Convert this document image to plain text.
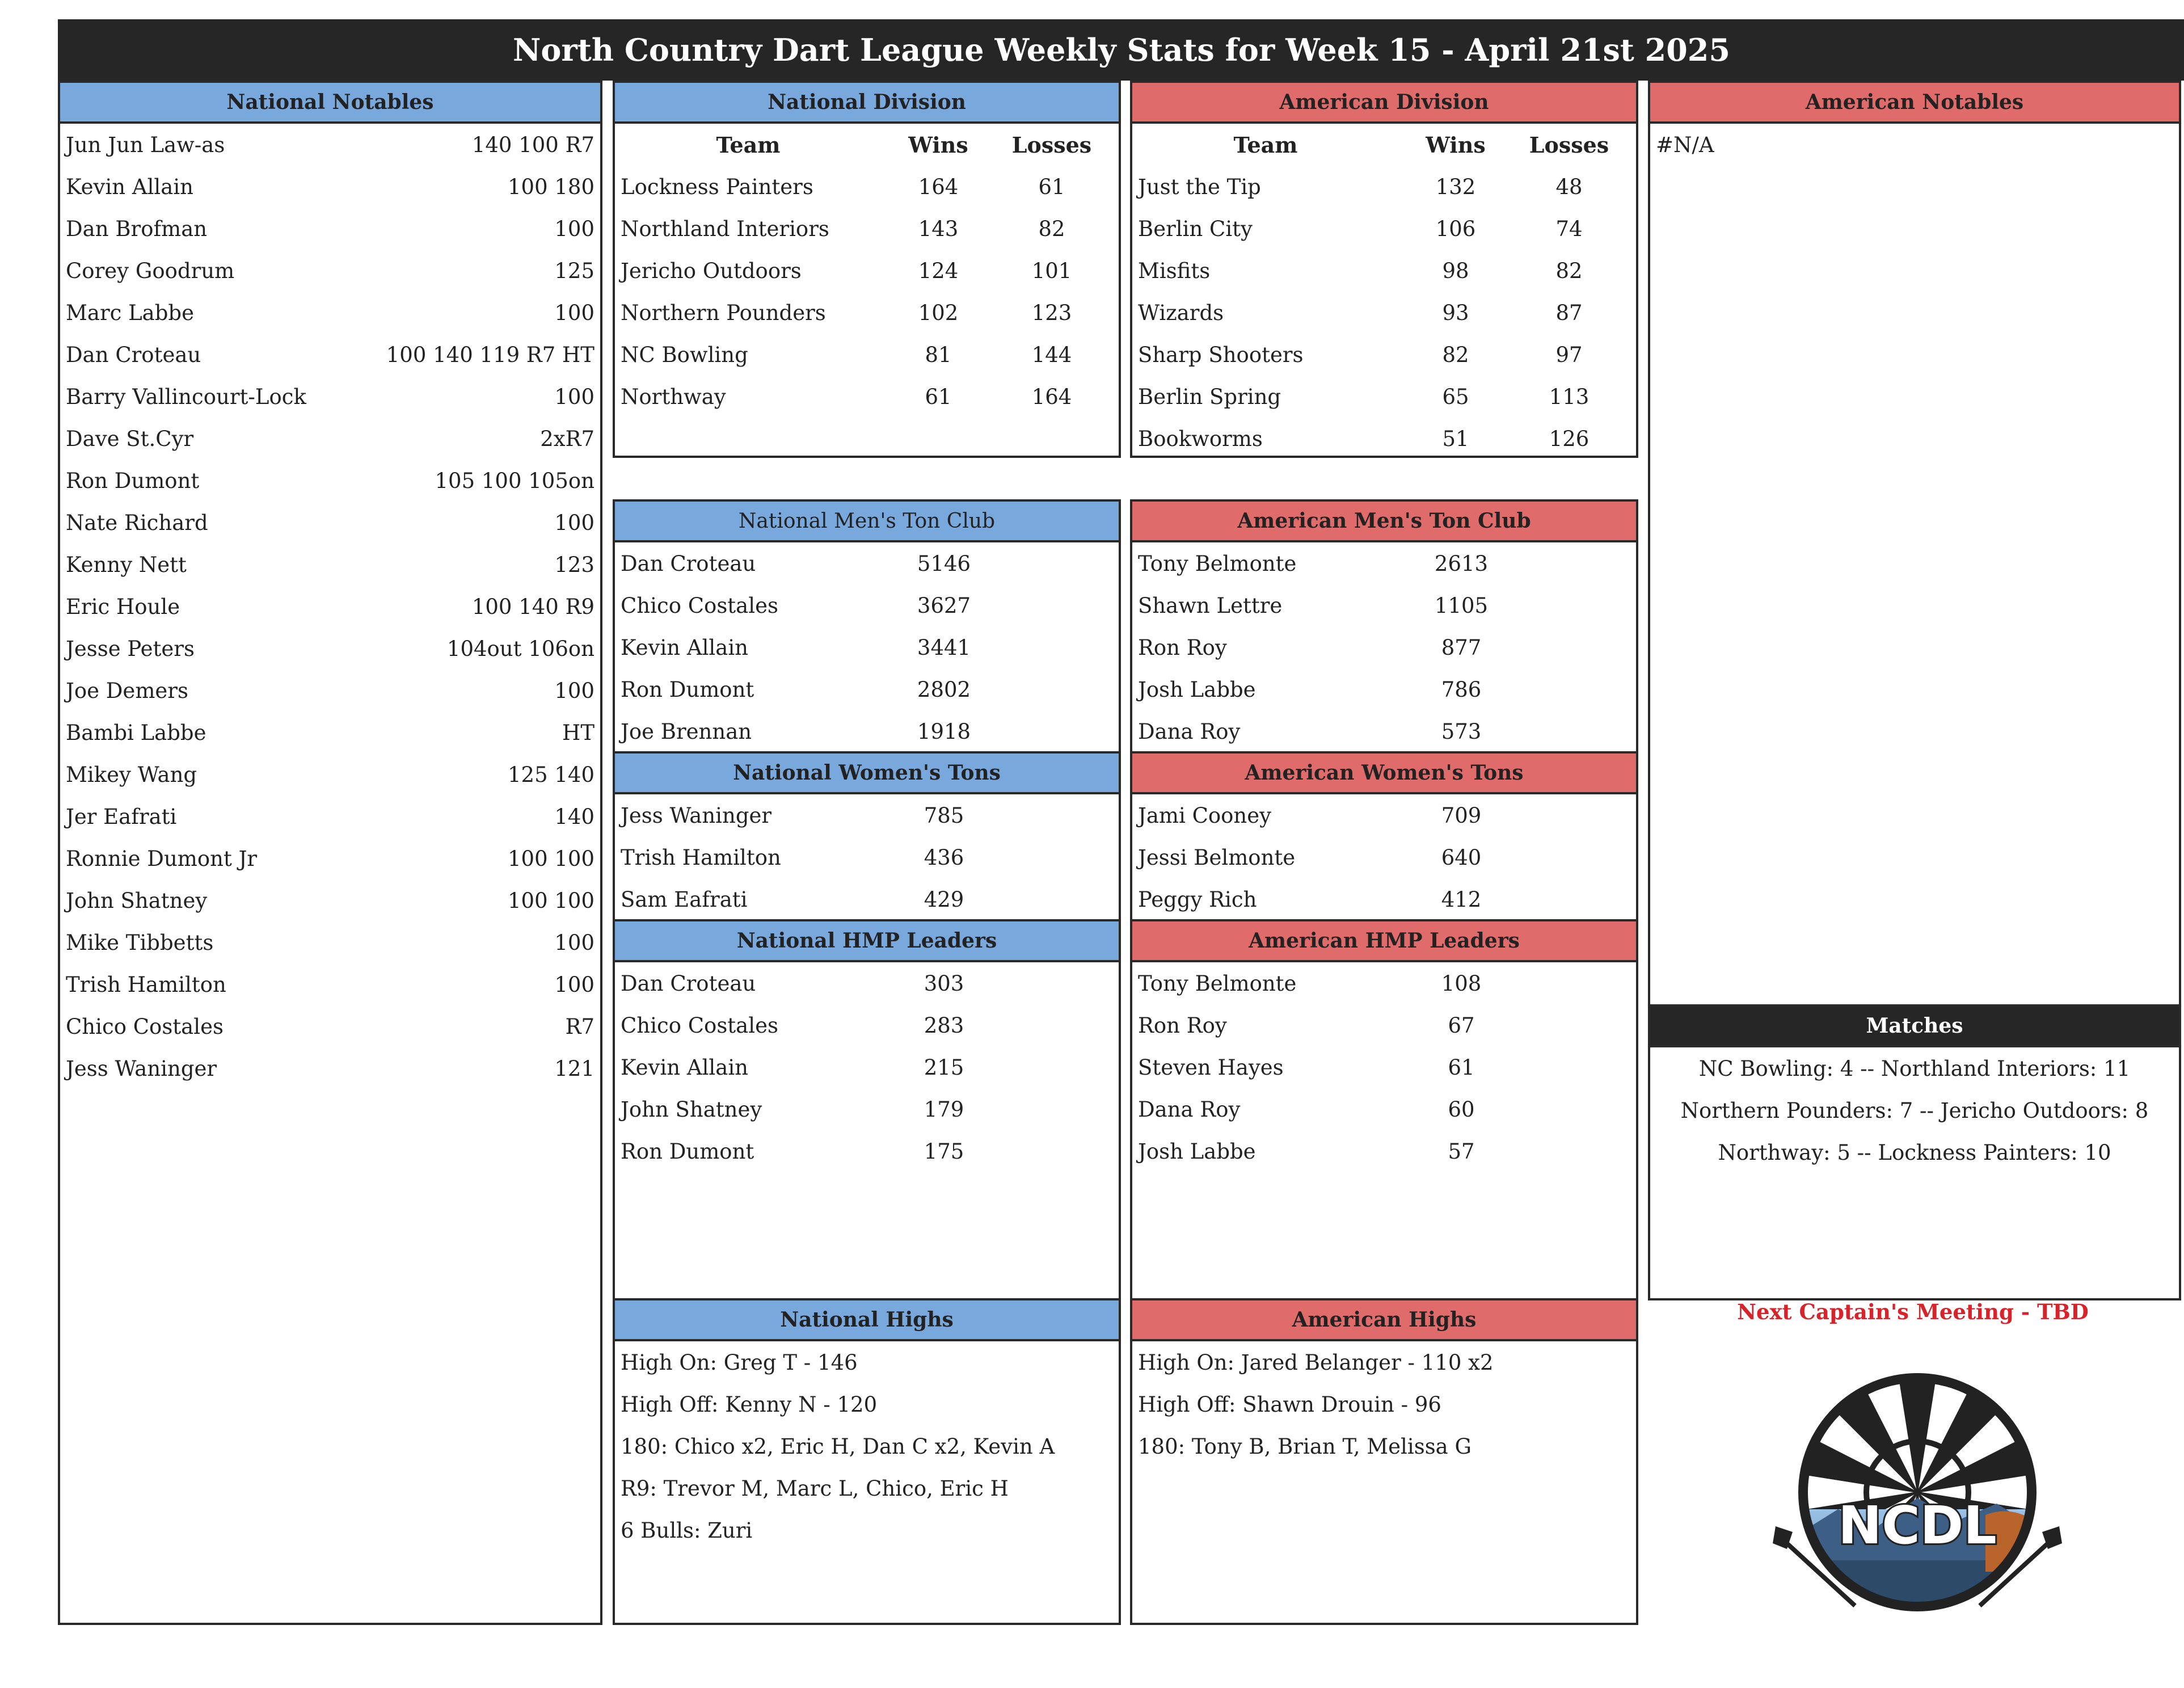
North Country Dart League Weekly Stats for Week 15 - April 21st 2025
National Notables
Jun Jun Law-as	140 100 R7
Kevin Allain	100 180
Dan Brofman	100
Corey Goodrum	125
Marc Labbe	100
Dan Croteau	100 140 119 R7 HT
Barry Vallincourt-Lock	100
Dave St.Cyr	2xR7
Ron Dumont	105 100 105on
Nate Richard	100
Kenny Nett	123
Eric Houle	100 140 R9
Jesse Peters	104out 106on
Joe Demers	100
Bambi Labbe	HT
Mikey Wang	125 140
Jer Eafrati	140
Ronnie Dumont Jr	100 100
John Shatney	100 100
Mike Tibbetts	100
Trish Hamilton	100
Chico Costales	R7
Jess Waninger	121
National Division
Team	Wins	Losses
Lockness Painters	164	61
Northland Interiors	143	82
Jericho Outdoors	124	101
Northern Pounders	102	123
NC Bowling	81	144
Northway	61	164
American Division
Team	Wins	Losses
Just the Tip	132	48
Berlin City	106	74
Misfits	98	82
Wizards	93	87
Sharp Shooters	82	97
Berlin Spring	65	113
Bookworms	51	126
American Notables
#N/A
National Men's Ton Club
Dan Croteau	5146
Chico Costales	3627
Kevin Allain	3441
Ron Dumont	2802
Joe Brennan	1918
American Men's Ton Club
Tony Belmonte	2613
Shawn Lettre	1105
Ron Roy	877
Josh Labbe	786
Dana Roy	573
National Women's Tons
Jess Waninger	785
Trish Hamilton	436
Sam Eafrati	429
American Women's Tons
Jami Cooney	709
Jessi Belmonte	640
Peggy Rich	412
National HMP Leaders
Dan Croteau	303
Chico Costales	283
Kevin Allain	215
John Shatney	179
Ron Dumont	175
American HMP Leaders
Tony Belmonte	108
Ron Roy	67
Steven Hayes	61
Dana Roy	60
Josh Labbe	57
Matches
NC Bowling: 4 -- Northland Interiors: 11
Northern Pounders: 7 -- Jericho Outdoors: 8
Northway: 5 -- Lockness Painters: 10
National Highs
High On: Greg T - 146
High Off: Kenny N - 120
180: Chico x2, Eric H, Dan C x2, Kevin A
R9: Trevor M, Marc L, Chico, Eric H
6 Bulls: Zuri
American Highs
High On: Jared Belanger - 110 x2
High Off: Shawn Drouin - 96
180: Tony B, Brian T, Melissa G
Next Captain's Meeting - TBD
NCDL
